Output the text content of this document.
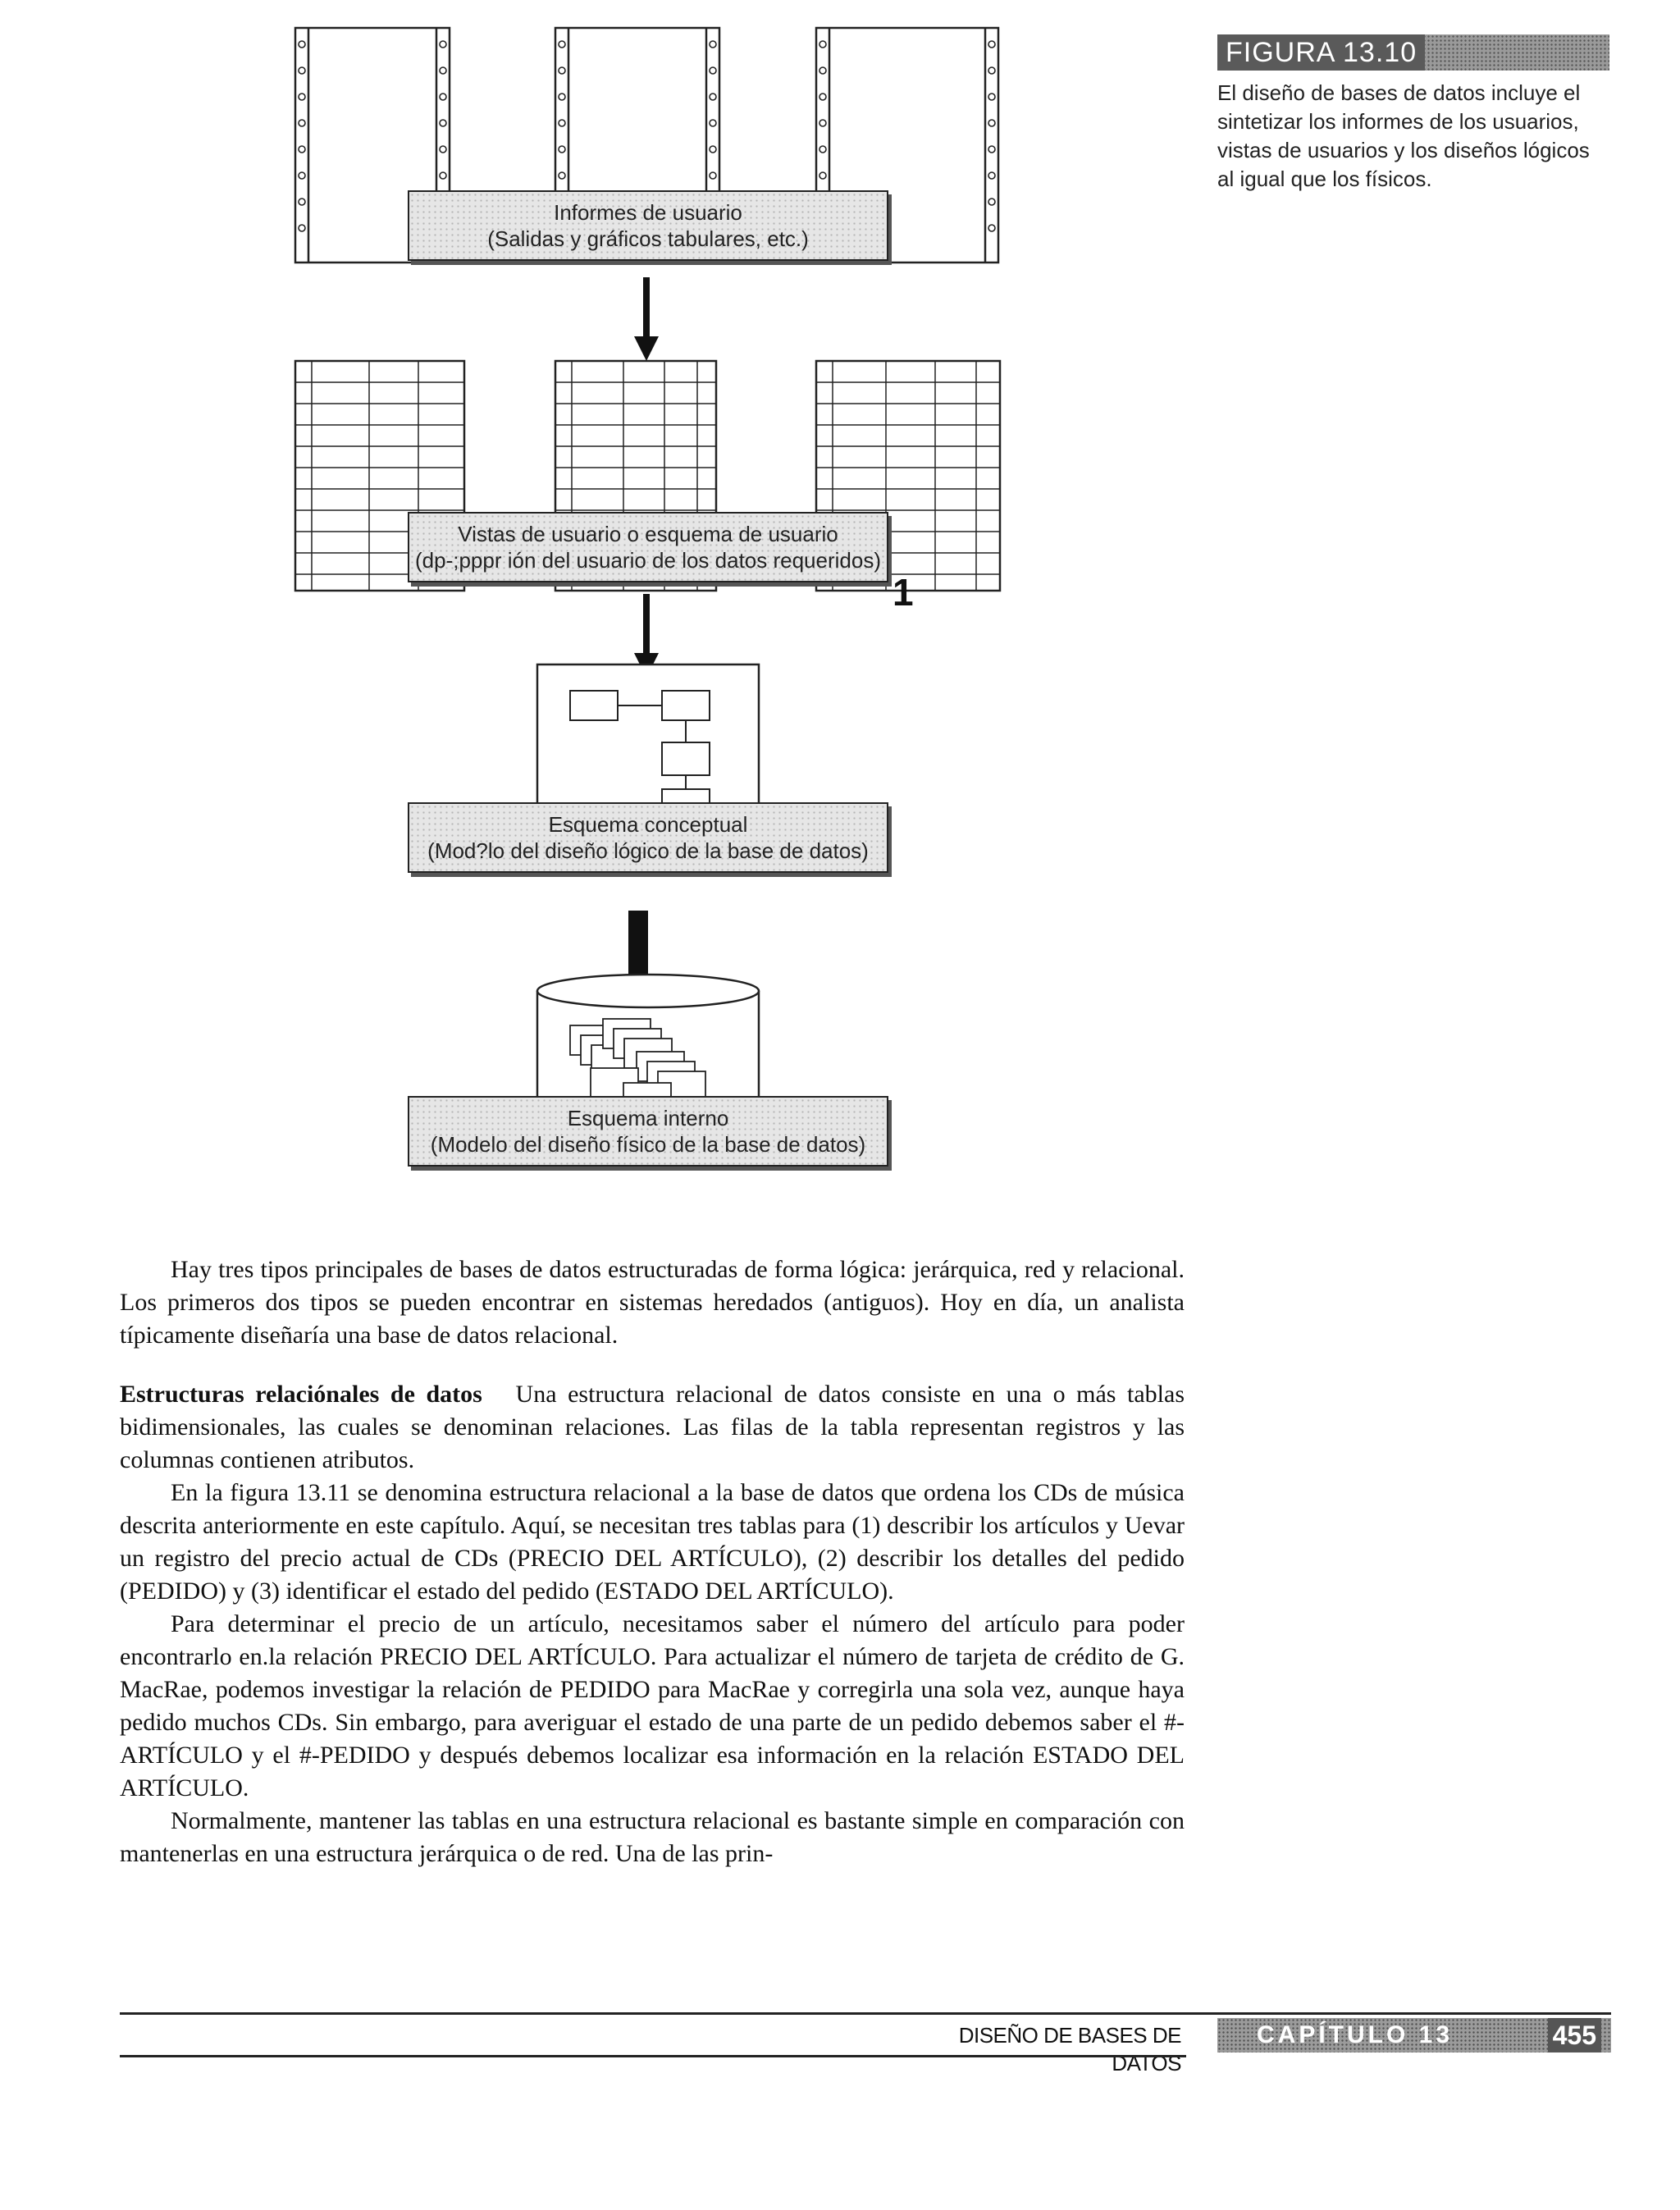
Informes de usuario
(Salidas y gráficos tabulares, etc.)
Vistas de usuario o esquema de usuario
(dp-;pppr ión del usuario de los datos requeridos)
1
Esquema conceptual
(Mod?lo del diseño lógico de la base de datos)
Esquema interno
(Modelo del diseño físico de la base de datos)
FIGURA 13.10
El diseño de bases de datos incluye el sintetizar los informes de los usuarios, vistas de usuarios y los diseños lógicos al igual que los físicos.

Hay tres tipos principales de bases de datos estructuradas de forma lógica: jerárquica, red y relacional. Los primeros dos tipos se pueden encontrar en sistemas heredados (antiguos). Hoy en día, un analista típicamente diseñaría una base de datos relacional.

Estructuras relaciónales de datos Una estructura relacional de datos consiste en una o más tablas bidimensionales, las cuales se denominan relaciones. Las filas de la tabla representan registros y las columnas contienen atributos.

En la figura 13.11 se denomina estructura relacional a la base de datos que ordena los CDs de música descrita anteriormente en este capítulo. Aquí, se necesitan tres tablas para (1) describir los artículos y Uevar un registro del precio actual de CDs (PRECIO DEL ARTÍCULO), (2) describir los detalles del pedido (PEDIDO) y (3) identificar el estado del pedido (ESTADO DEL ARTÍCULO).

Para determinar el precio de un artículo, necesitamos saber el número del artículo para poder encontrarlo en.la relación PRECIO DEL ARTÍCULO. Para actualizar el número de tarjeta de crédito de G. MacRae, podemos investigar la relación de PEDIDO para MacRae y corregirla una sola vez, aunque haya pedido muchos CDs. Sin embargo, para averiguar el estado de una parte de un pedido debemos saber el #-ARTÍCULO y el #-PEDIDO y después debemos localizar esa información en la relación ESTADO DEL ARTÍCULO.

Normalmente, mantener las tablas en una estructura relacional es bastante simple en comparación con mantenerlas en una estructura jerárquica o de red. Una de las prin-

DISEÑO DE BASES DE DATOS
CAPÍTULO 13	455
